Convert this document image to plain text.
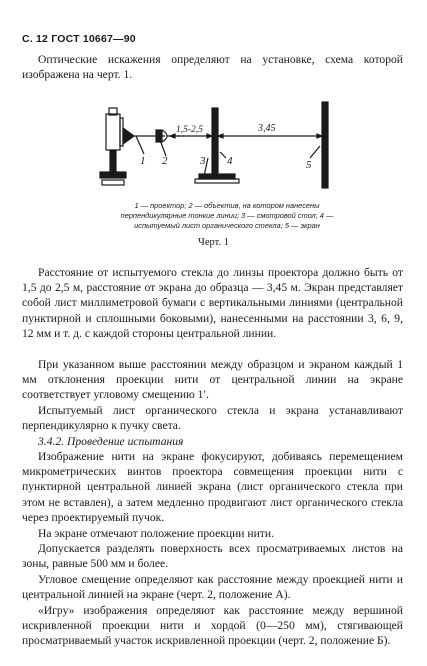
С. 12 ГОСТ 10667—90
Оптические искажения определяют на установке, схема которой изображена на черт. 1.
1 2	3 4	5
1,5-2,5	3,45
1 — проектор; 2 — объектив, на котором нанесены перпендикулярные тонкие линии; 3 — смотровой стол; 4 — испытуемый лист органического стекла; 5 — экран
Черт. 1
Расстояние от испытуемого стекла до линзы проектора должно быть от 1,5 до 2,5 м, расстояние от экрана до образца — 3,45 м. Экран представляет собой лист миллиметровой бумаги с вертикальными линиями (центральной пунктирной и сплошными боковыми), нанесенными на расстоянии 3, 6, 9, 12 мм и т. д. с каждой стороны центральной линии.
При указанном выше расстоянии между образцом и экраном каждый 1 мм отклонения проекции нити от центральной линии на экране соответствует угловому смещению 1′.
Испытуемый лист органического стекла и экрана устанавливают перпендикулярно к пучку света.
3.4.2. Проведение испытания
Изображение нити на экране фокусируют, добиваясь перемещением микрометрических винтов проектора совмещения проекции нити с пунктирной центральной линией экрана (лист органического стекла при этом не вставлен), а затем медленно продвигают лист органического стекла через проектируемый пучок.
На экране отмечают положение проекции нити.
Допускается разделять поверхность всех просматриваемых листов на зоны, равные 500 мм и более.
Угловое смещение определяют как расстояние между проекцией нити и центральной линией на экране (черт. 2, положение А).
«Игру» изображения определяют как расстояние между вершиной искривленной проекции нити и хордой (0—250 мм), стягивающей просматриваемый участок искривленной проекции (черт. 2, положение Б).
